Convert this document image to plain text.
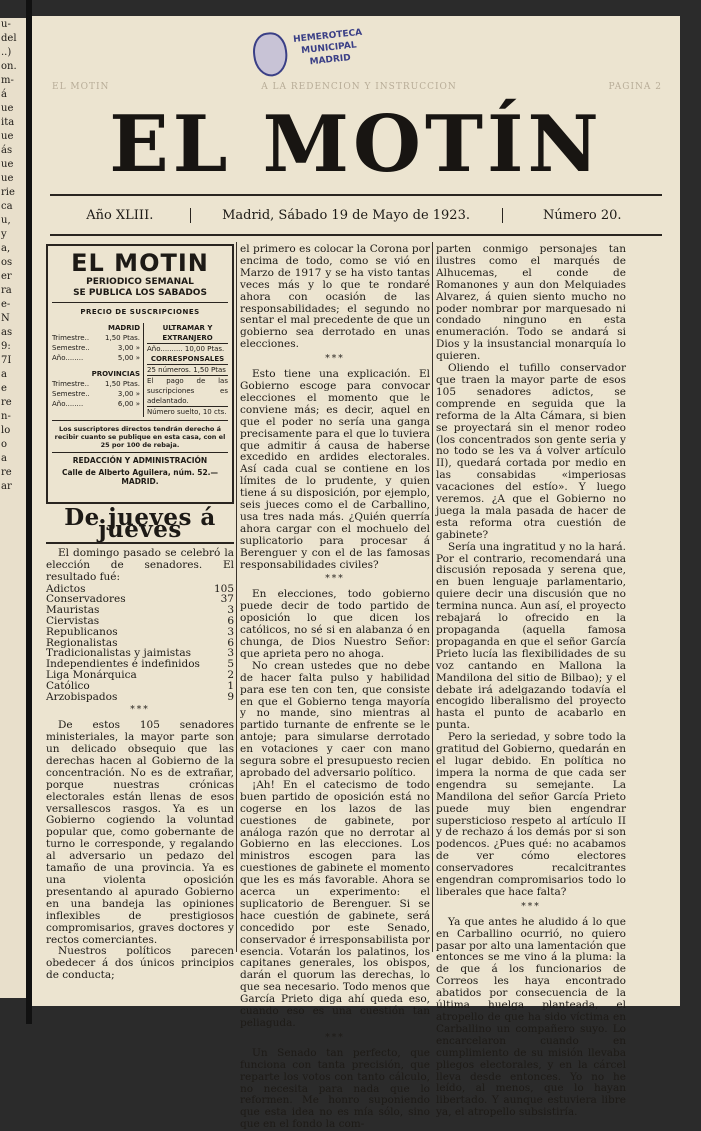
u-
del
..)
on.
m-
á
ue
ita
ue
ás
ue
ue
rie
ca
u,
y
a,
os
er
ra
e-
N
as
9:
7I
a
e
re
n-
lo
o
a
re
ar
EL MOTIN	A LA REDENCION Y INSTRUCCION	PAGINA 2
HEMEROTECA
MUNICIPAL
MADRID
EL MOTÍN
Año XLIII.	Madrid, Sábado 19 de Mayo de 1923.	Número 20.
EL MOTIN
PERIODICO SEMANAL
SE PUBLICA LOS SABADOS
PRECIO DE SUSCRIPCIONES
MADRID
Trimestre.. 1,50 Ptas.
Semestre..	3,00 »
Año........	5,00 »
PROVINCIAS
Trimestre.. 1,50 Ptas.
Semestre..	3,00 »
Año........	6,00 »
ULTRAMAR Y EXTRANJERO
Año.......... 10,00 Ptas.
CORRESPONSALES
25 números. 1,50 Ptas
El pago de las suscripciones es adelantado.
Número suelto, 10 cts.
Los suscriptores directos tendrán derecho á recibir cuanto se publique en esta casa, con el 25 por 100 de rebaja.
REDACCIÓN Y ADMINISTRACIÓN
Calle de Alberto Aguilera, núm. 52.—MADRID.
De jueves á jueves

El domingo pasado se celebró la elección de senadores. El resultado fué:

Adictos	105
Conservadores	37
Mauristas	3
Ciervistas	6
Republicanos	3
Regionalistas	6
Tradicionalistas y jaimistas	3
Independientes é indefinidos	5
Liga Monárquica	2
Católico	1
Arzobispados	9
***

De estos 105 senadores ministeriales, la mayor parte son un delicado obsequio que las derechas hacen al Gobierno de la concentración. No es de extrañar, porque nuestras crónicas electorales están llenas de esos versallescos rasgos. Ya es un Gobierno cogiendo la voluntad popular que, como gobernante de turno le corresponde, y regalando al adversario un pedazo del tamaño de una provincia. Ya es una violenta oposición presentando al apurado Gobierno en una bandeja las opiniones inflexibles de prestigiosos compromisarios, graves doctores y rectos comerciantes.

Nuestros políticos parecen obedecer á dos únicos principios de conducta;

el primero es colocar la Corona por encima de todo, como se vió en Marzo de 1917 y se ha visto tantas veces más y lo que te rondaré ahora con ocasión de las responsabilidades; el segundo no sentar el mal precedente de que un gobierno sea derrotado en unas elecciones.

***

Esto tiene una explicación. El Gobierno escoge para convocar elecciones el momento que le conviene más; es decir, aquel en que el poder no sería una ganga precisamente para el que lo tuviera que admitir á causa de haberse excedido en ardides electorales. Así cada cual se contiene en los límites de lo prudente, y quien tiene á su disposición, por ejemplo, seis jueces como el de Carballino, usa tres nada más. ¿Quién querría ahora cargar con el mochuelo del suplicatorio para procesar á Berenguer y con el de las famosas responsabilidades civiles?

***

En elecciones, todo gobierno puede decir de todo partido de oposición lo que dicen los católicos, no sé si en alabanza ó en chunga, de Dios Nuestro Señor: que aprieta pero no ahoga.

No crean ustedes que no debe de hacer falta pulso y habilidad para ese ten con ten, que consiste en que el Gobierno tenga mayoría y no mande, sino mientras al partido turnante de enfrente se le antoje; para simularse derrotado en votaciones y caer con mano segura sobre el presupuesto recien aprobado del adversario político.

¡Ah! En el catecismo de todo buen partido de oposición está no cogerse en los lazos de las cuestiones de gabinete, por análoga razón que no derrotar al Gobierno en las elecciones. Los ministros escogen para las cuestiones de gabinete el momento que les es más favorable. Ahora se acerca un experimento: el suplicatorio de Berenguer. Si se hace cuestión de gabinete, será concedido por este Senado, conservador é irresponsabilista por esencia. Votarán los palatinos, los capitanes generales, los obispos, darán el quorum las derechas, lo que sea necesario. Todo menos que García Prieto diga ahí queda eso, cuando eso es una cuestión tan peliaguda.

***

Un Senado tan perfecto, que funciona con tanta precisión, que reparte los votos con tanto cálculo, no necesita para nada que lo reformen. Me honro suponiendo que esta idea no es mía sólo, sino que en el fondo la com-

parten conmigo personajes tan ilustres como el marqués de Alhucemas, el conde de Romanones y aun don Melquiades Alvarez, á quien siento mucho no poder nombrar por marquesado ni condado ninguno en esta enumeración. Todo se andará si Dios y la insustancial monarquía lo quieren.

Oliendo el tufillo conservador que traen la mayor parte de esos 105 senadores adictos, se comprende en seguida que la reforma de la Alta Cámara, si bien se proyectará sin el menor rodeo (los concentrados son gente seria y no todo se les va á volver artículo II), quedará cortada por medio en las consabidas «imperiosas vacaciones del estío». Y luego veremos. ¿A que el Gobierno no juega la mala pasada de hacer de esta reforma otra cuestión de gabinete?

Sería una ingratitud y no la hará. Por el contrario, recomendará una discusión reposada y serena que, en buen lenguaje parlamentario, quiere decir una discusión que no termina nunca. Aun así, el proyecto rebajará lo ofrecido en la propaganda (aquella famosa propaganda en que el señor García Prieto lucía las flexibilidades de su voz cantando en Mallona la Mandilona del sitio de Bilbao); y el debate irá adelgazando todavía el encogido liberalismo del proyecto hasta el punto de acabarlo en punta.

Pero la seriedad, y sobre todo la gratitud del Gobierno, quedarán en el lugar debido. En política no impera la norma de que cada ser engendra su semejante. La Mandilona del señor García Prieto puede muy bien engendrar supersticioso respeto al artículo II y de rechazo á los demás por si son podencos. ¿Pues qué: no acabamos de ver cómo electores conservadores recalcitrantes engendran compromisarios todo lo liberales que hace falta?

***

Ya que antes he aludido á lo que en Carballino ocurrió, no quiero pasar por alto una lamentación que entonces se me vino á la pluma: la de que á los funcionarios de Correos les haya encontrado abatidos por consecuencia de la última huelga planteada, el atropello de que ha sido víctima en Carballino un compañero suyo. Lo encarcelaron cuando en cumplimiento de su misión llevaba pliegos electorales, y en la cárcel lleva desde entonces. Yo no he leído, al menos, que lo hayan libertado. Y aunque estuviera libre ya, el atropello subsistiría.
